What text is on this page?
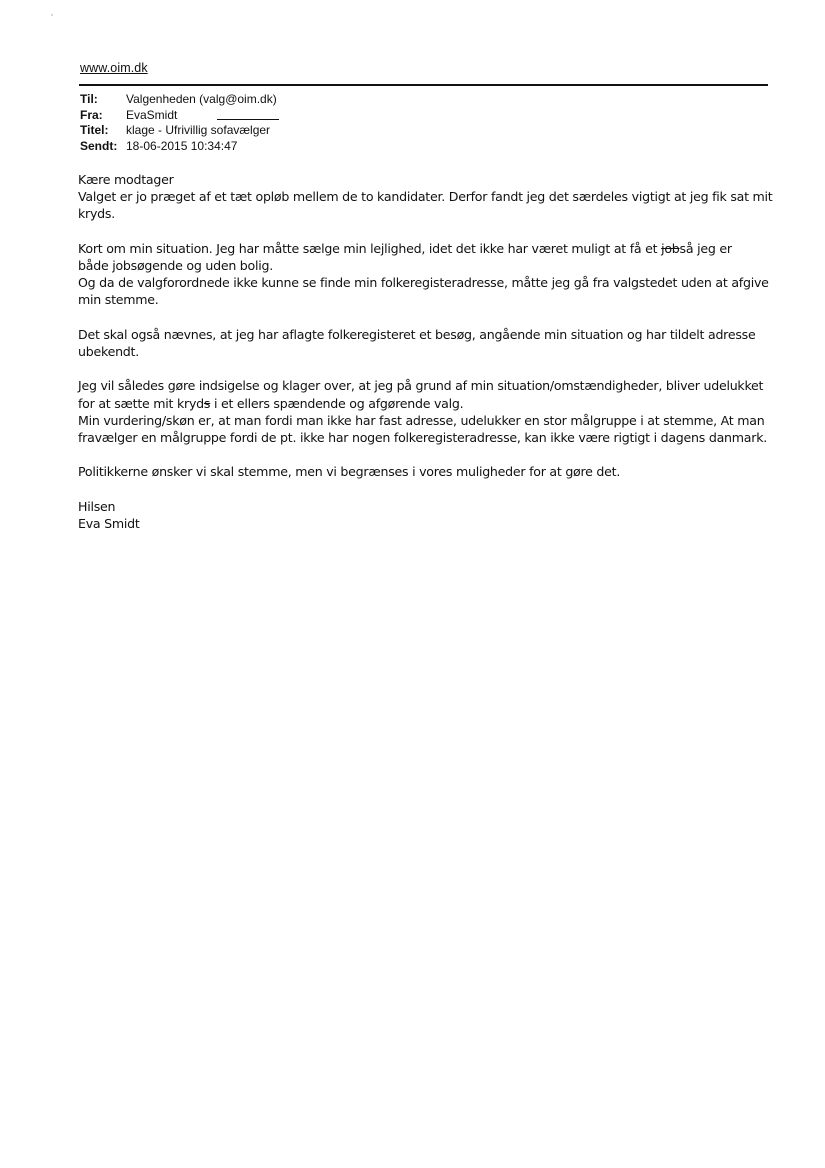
www.oim.dk
Til:	Valgenheden (valg@oim.dk)
Fra:	EvaSmidt
Titel:	klage - Ufrivillig sofavælger
Sendt: 18-06-2015 10:34:47
Kære modtager
Valget er jo præget af et tæt opløb mellem de to kandidater. Derfor fandt jeg det særdeles vigtigt at jeg fik sat mit
kryds.
Kort om min situation. Jeg har måtte sælge min lejlighed, idet det ikke har været muligt at få et jobså jeg er
både jobsøgende og uden bolig.
Og da de valgforordnede ikke kunne se finde min folkeregisteradresse, måtte jeg gå fra valgstedet uden at afgive
min stemme.
Det skal også nævnes, at jeg har aflagte folkeregisteret et besøg, angående min situation og har tildelt adresse
ubekendt.
Jeg vil således gøre indsigelse og klager over, at jeg på grund af min situation/omstændigheder, bliver udelukket
for at sætte mit kryds i et ellers spændende og afgørende valg.
Min vurdering/skøn er, at man fordi man ikke har fast adresse, udelukker en stor målgruppe i at stemme, At man
fravælger en målgruppe fordi de pt. ikke har nogen folkeregisteradresse, kan ikke være rigtigt i dagens danmark.
Politikkerne ønsker vi skal stemme, men vi begrænses i vores muligheder for at gøre det.
Hilsen
Eva Smidt
